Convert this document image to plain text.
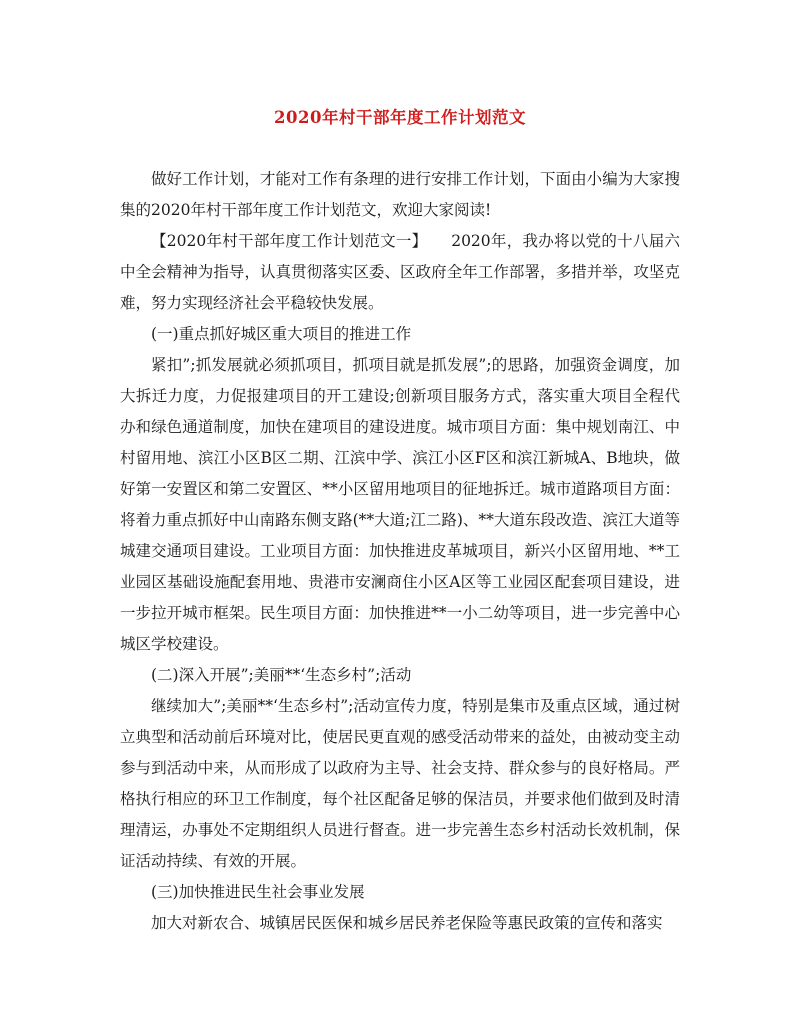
2020年村干部年度工作计划范文

做好工作计划，才能对工作有条理的进行安排工作计划，下面由小编为大家搜集的2020年村干部年度工作计划范文，欢迎大家阅读!

【2020年村干部年度工作计划范文一】　　2020年，我办将以党的十八届六中全会精神为指导，认真贯彻落实区委、区政府全年工作部署，多措并举，攻坚克难，努力实现经济社会平稳较快发展。

(一)重点抓好城区重大项目的推进工作

紧扣”;抓发展就必须抓项目，抓项目就是抓发展”;的思路，加强资金调度，加大拆迁力度，力促报建项目的开工建设;创新项目服务方式，落实重大项目全程代办和绿色通道制度，加快在建项目的建设进度。城市项目方面：集中规划南江、中村留用地、滨江小区B区二期、江滨中学、滨江小区F区和滨江新城A、B地块，做好第一安置区和第二安置区、**小区留用地项目的征地拆迁。城市道路项目方面：将着力重点抓好中山南路东侧支路(**大道;江二路)、**大道东段改造、滨江大道等城建交通项目建设。工业项目方面：加快推进皮革城项目，新兴小区留用地、**工业园区基础设施配套用地、贵港市安澜商住小区A区等工业园区配套项目建设，进一步拉开城市框架。民生项目方面：加快推进**一小二幼等项目，进一步完善中心城区学校建设。

(二)深入开展”;美丽**‘生态乡村”;活动

继续加大”;美丽**‘生态乡村”;活动宣传力度，特别是集市及重点区域，通过树立典型和活动前后环境对比，使居民更直观的感受活动带来的益处，由被动变主动参与到活动中来，从而形成了以政府为主导、社会支持、群众参与的良好格局。严格执行相应的环卫工作制度，每个社区配备足够的保洁员，并要求他们做到及时清理清运，办事处不定期组织人员进行督查。进一步完善生态乡村活动长效机制，保证活动持续、有效的开展。

(三)加快推进民生社会事业发展

加大对新农合、城镇居民医保和城乡居民养老保险等惠民政策的宣传和落实
